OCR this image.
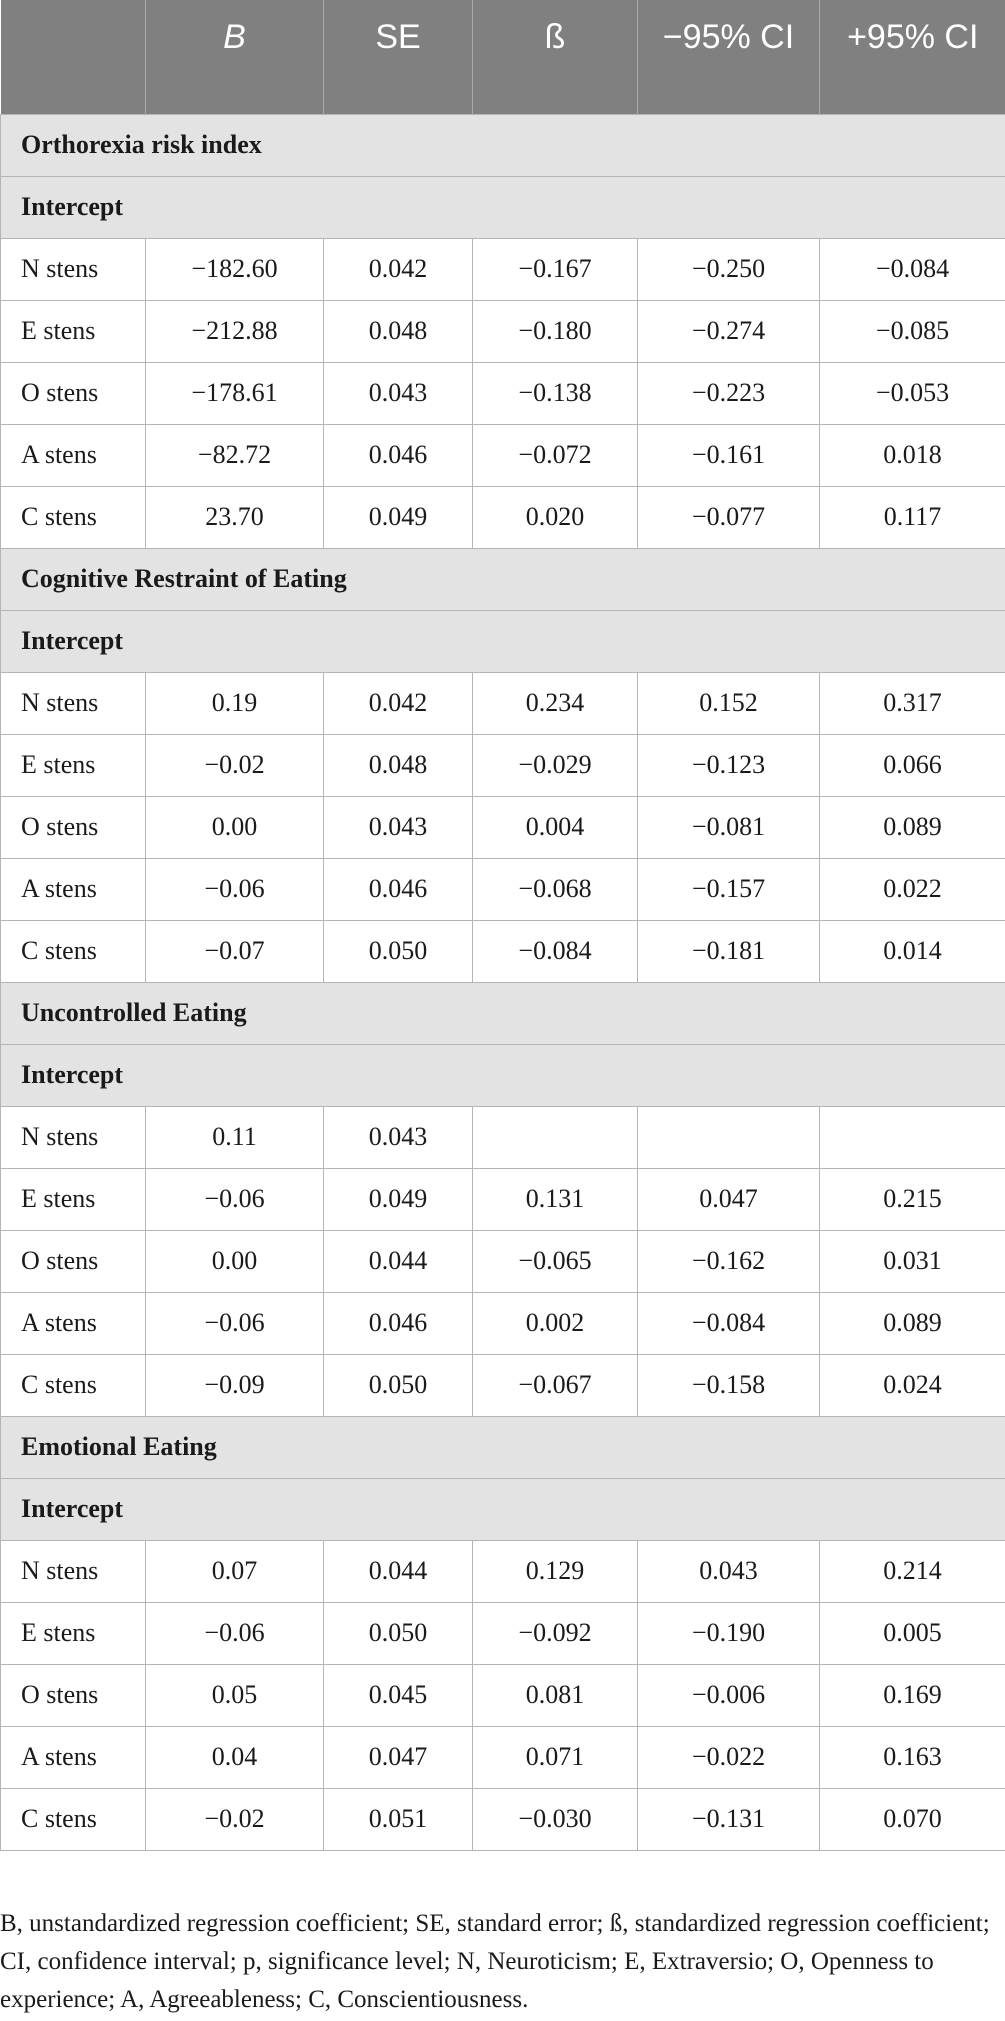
	B	SE	ß	−95% CI	+95% CI
Orthorexia risk index					
Intercept					
N stens	−182.60	0.042	−0.167	−0.250	−0.084
E stens	−212.88	0.048	−0.180	−0.274	−0.085
O stens	−178.61	0.043	−0.138	−0.223	−0.053
A stens	−82.72	0.046	−0.072	−0.161	0.018
C stens	23.70	0.049	0.020	−0.077	0.117
Cognitive Restraint of Eating					
Intercept					
N stens	0.19	0.042	0.234	0.152	0.317
E stens	−0.02	0.048	−0.029	−0.123	0.066
O stens	0.00	0.043	0.004	−0.081	0.089
A stens	−0.06	0.046	−0.068	−0.157	0.022
C stens	−0.07	0.050	−0.084	−0.181	0.014
Uncontrolled Eating					
Intercept					
N stens	0.11	0.043			
E stens	−0.06	0.049	0.131	0.047	0.215
O stens	0.00	0.044	−0.065	−0.162	0.031
A stens	−0.06	0.046	0.002	−0.084	0.089
C stens	−0.09	0.050	−0.067	−0.158	0.024
Emotional Eating					
Intercept					
N stens	0.07	0.044	0.129	0.043	0.214
E stens	−0.06	0.050	−0.092	−0.190	0.005
O stens	0.05	0.045	0.081	−0.006	0.169
A stens	0.04	0.047	0.071	−0.022	0.163
C stens	−0.02	0.051	−0.030	−0.131	0.070

B, unstandardized regression coefficient; SE, standard error; ß, standardized regression coefficient; CI, confidence interval; p, significance level; N, Neuroticism; E, Extraversio; O, Openness to experience; A, Agreeableness; C, Conscientiousness.
